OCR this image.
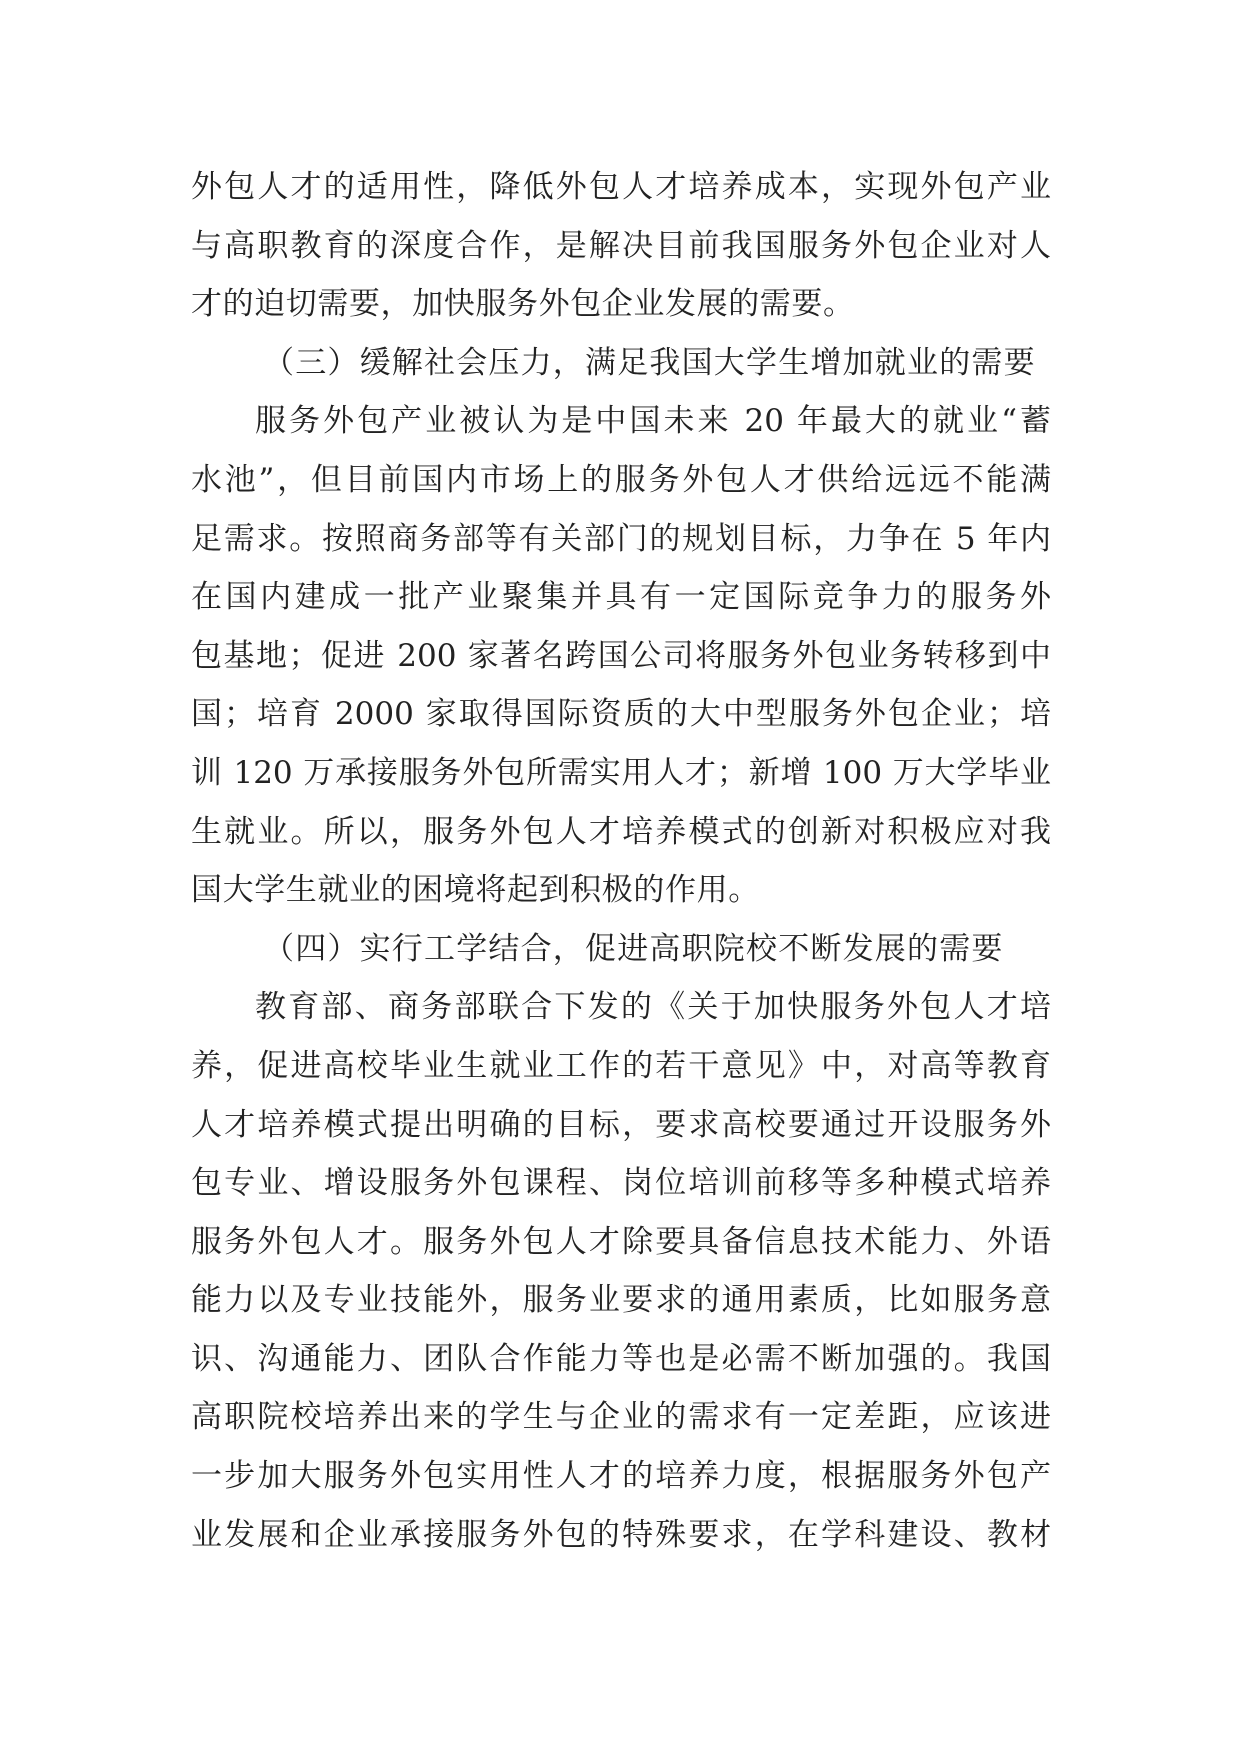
外包人才的适用性，降低外包人才培养成本，实现外包产业
与高职教育的深度合作，是解决目前我国服务外包企业对人
才的迫切需要，加快服务外包企业发展的需要。
（三）缓解社会压力，满足我国大学生增加就业的需要
服务外包产业被认为是中国未来 20 年最大的就业“蓄
水池”，但目前国内市场上的服务外包人才供给远远不能满
足需求。按照商务部等有关部门的规划目标，力争在 5 年内
在国内建成一批产业聚集并具有一定国际竞争力的服务外
包基地；促进 200 家著名跨国公司将服务外包业务转移到中
国；培育 2000 家取得国际资质的大中型服务外包企业；培
训 120 万承接服务外包所需实用人才；新增 100 万大学毕业
生就业。所以，服务外包人才培养模式的创新对积极应对我
国大学生就业的困境将起到积极的作用。
（四）实行工学结合，促进高职院校不断发展的需要
教育部、商务部联合下发的《关于加快服务外包人才培
养，促进高校毕业生就业工作的若干意见》中，对高等教育
人才培养模式提出明确的目标，要求高校要通过开设服务外
包专业、增设服务外包课程、岗位培训前移等多种模式培养
服务外包人才。服务外包人才除要具备信息技术能力、外语
能力以及专业技能外，服务业要求的通用素质，比如服务意
识、沟通能力、团队合作能力等也是必需不断加强的。我国
高职院校培养出来的学生与企业的需求有一定差距，应该进
一步加大服务外包实用性人才的培养力度，根据服务外包产
业发展和企业承接服务外包的特殊要求，在学科建设、教材
